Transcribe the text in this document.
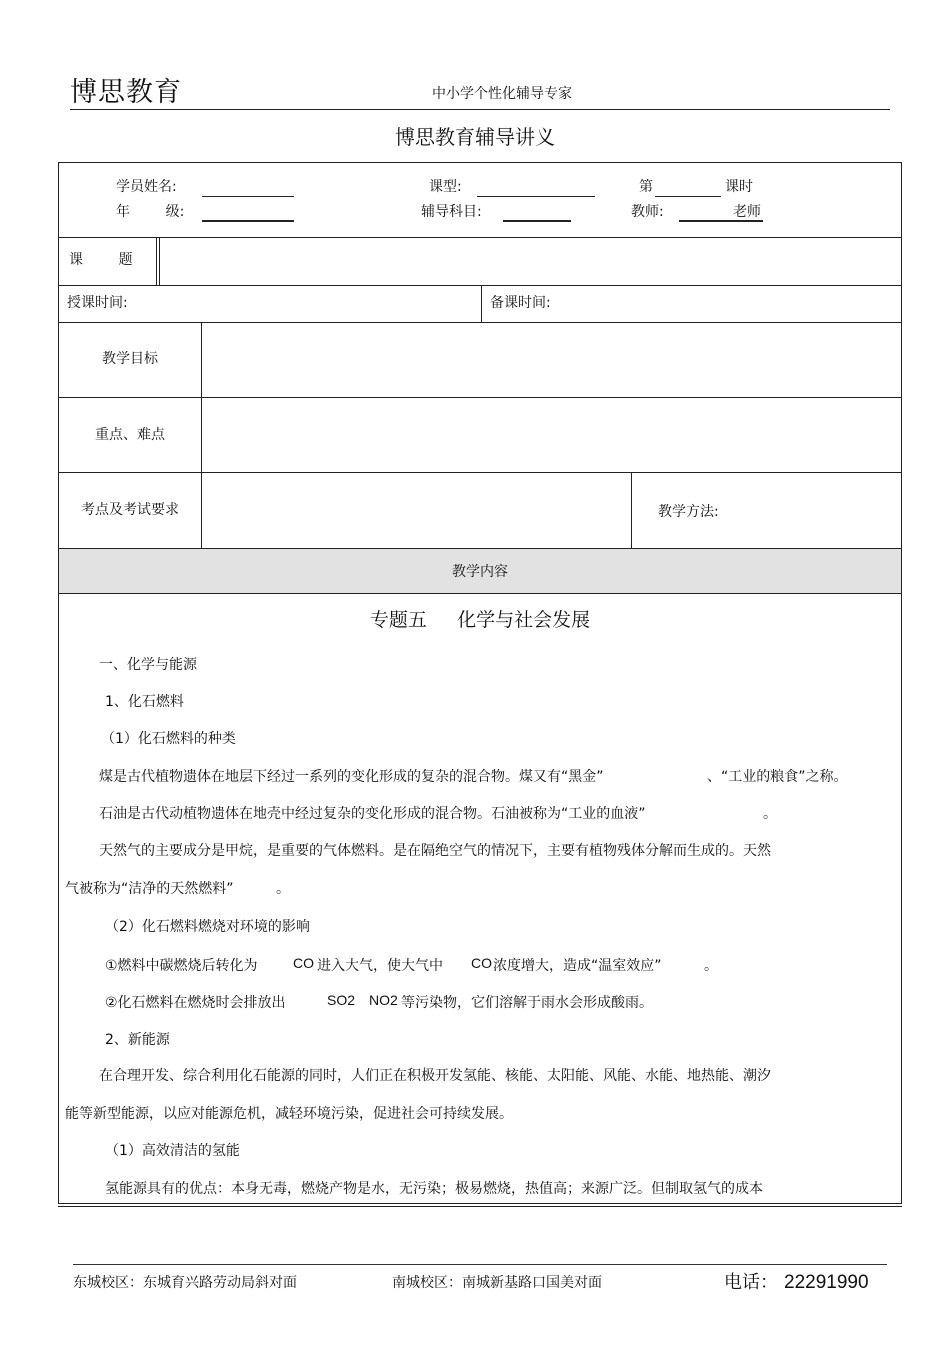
博思教育	中小学个性化辅导专家
博思教育辅导讲义
学员姓名:	课型:	第	课时
年        级:	辅导科目:	教师:	老师
课        题
授课时间:	备课时间:
教学目标
重点、难点
考点及考试要求	教学方法:
教学内容
专题五     化学与社会发展
一、化学与能源
1、化石燃料
（1）化石燃料的种类
煤是古代植物遗体在地层下经过一系列的变化形成的复杂的混合物。煤又有“黑金”	、“工业的粮食”之称。
石油是古代动植物遗体在地壳中经过复杂的变化形成的混合物。石油被称为“工业的血液”	。
天然气的主要成分是甲烷，是重要的气体燃料。是在隔绝空气的情况下，主要有植物残体分解而生成的。天然
气被称为“洁净的天然燃料”	。
（2）化石燃料燃烧对环境的影响
①燃料中碳燃烧后转化为	CO 进入大气，使大气中 CO 浓度增大，造成“温室效应”	。
②化石燃料在燃烧时会排放出	SO2 NO2 等污染物，它们溶解于雨水会形成酸雨。
2、新能源
在合理开发、综合利用化石能源的同时，人们正在积极开发氢能、核能、太阳能、风能、水能、地热能、潮汐
能等新型能源，以应对能源危机，减轻环境污染，促进社会可持续发展。
（1）高效清洁的氢能
氢能源具有的优点：本身无毒，燃烧产物是水，无污染；极易燃烧，热值高；来源广泛。但制取氢气的成本
东城校区：东城育兴路劳动局斜对面	南城校区：南城新基路口国美对面	电话： 22291990
